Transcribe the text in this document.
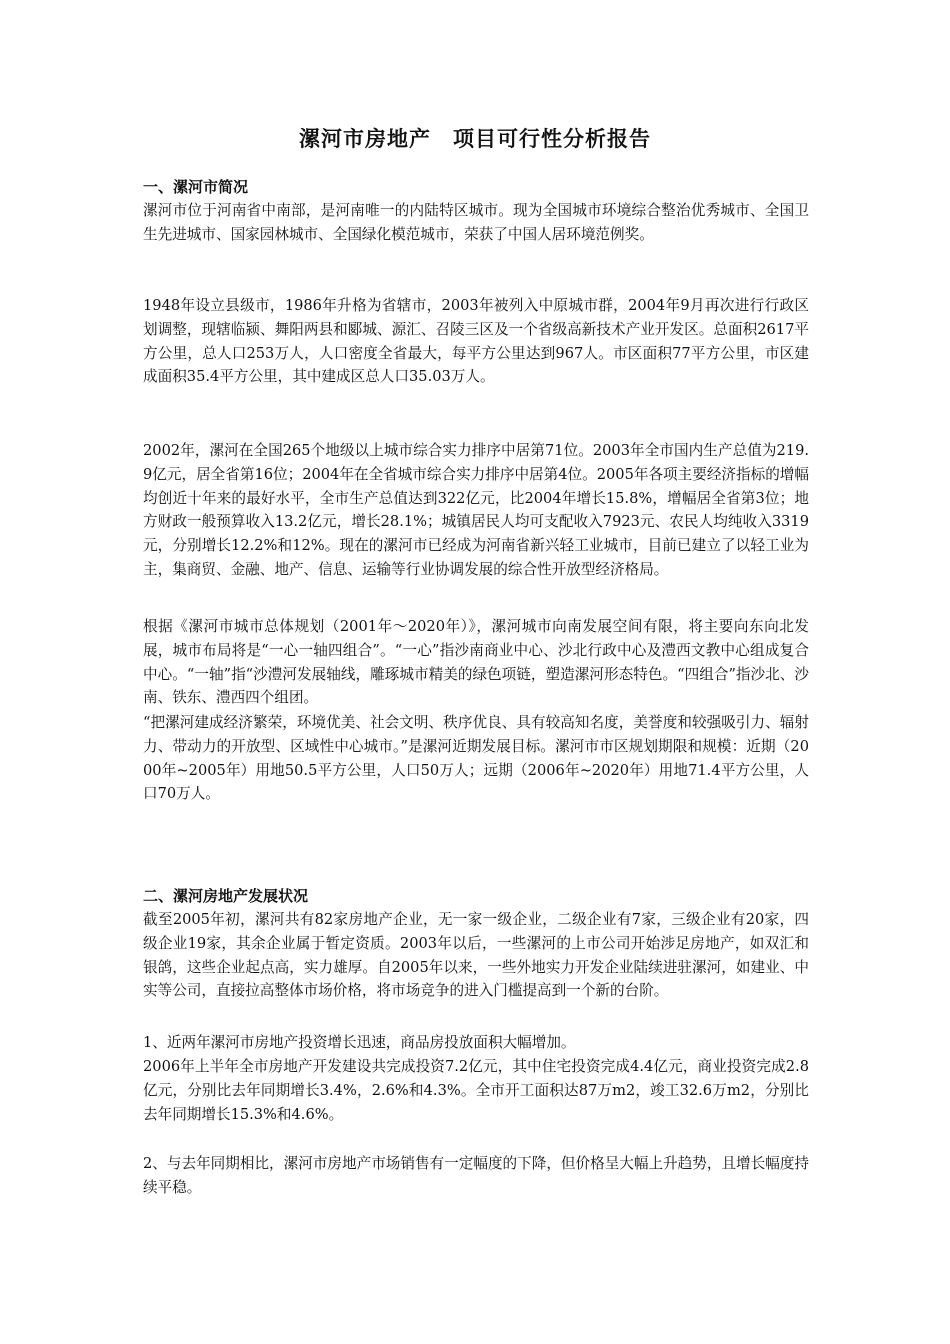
漯河市房地产　项目可行性分析报告
一、漯河市简况

漯河市位于河南省中南部，是河南唯一的内陆特区城市。现为全国城市环境综合整治优秀城市、全国卫生先进城市、国家园林城市、全国绿化模范城市，荣获了中国人居环境范例奖。

1948年设立县级市，1986年升格为省辖市，2003年被列入中原城市群，2004年9月再次进行行政区划调整，现辖临颍、舞阳两县和郾城、源汇、召陵三区及一个省级高新技术产业开发区。总面积2617平方公里，总人口253万人，人口密度全省最大，每平方公里达到967人。市区面积77平方公里，市区建成面积35.4平方公里，其中建成区总人口35.03万人。

2002年，漯河在全国265个地级以上城市综合实力排序中居第71位。2003年全市国内生产总值为219.9亿元，居全省第16位；2004年在全省城市综合实力排序中居第4位。2005年各项主要经济指标的增幅均创近十年来的最好水平，全市生产总值达到322亿元，比2004年增长15.8%，增幅居全省第3位；地方财政一般预算收入13.2亿元，增长28.1%；城镇居民人均可支配收入7923元、农民人均纯收入3319元，分别增长12.2%和12%。现在的漯河市已经成为河南省新兴轻工业城市，目前已建立了以轻工业为主，集商贸、金融、地产、信息、运输等行业协调发展的综合性开放型经济格局。

根据《漯河市城市总体规划（2001年～2020年）》，漯河城市向南发展空间有限，将主要向东向北发展，城市布局将是“一心一轴四组合”。“一心”指沙南商业中心、沙北行政中心及澧西文教中心组成复合中心。“一轴”指“沙澧河发展轴线，雕琢城市精美的绿色项链，塑造漯河形态特色。“四组合”指沙北、沙南、铁东、澧西四个组团。

“把漯河建成经济繁荣，环境优美、社会文明、秩序优良、具有较高知名度，美誉度和较强吸引力、辐射力、带动力的开放型、区域性中心城市。”是漯河近期发展目标。漯河市市区规划期限和规模：近期（2000年~2005年）用地50.5平方公里，人口50万人；远期（2006年~2020年）用地71.4平方公里，人口70万人。

二、漯河房地产发展状况

截至2005年初，漯河共有82家房地产企业，无一家一级企业，二级企业有7家，三级企业有20家，四级企业19家，其余企业属于暂定资质。2003年以后，一些漯河的上市公司开始涉足房地产，如双汇和银鸽，这些企业起点高，实力雄厚。自2005年以来，一些外地实力开发企业陆续进驻漯河，如建业、中实等公司，直接拉高整体市场价格，将市场竞争的进入门槛提高到一个新的台阶。

1、近两年漯河市房地产投资增长迅速，商品房投放面积大幅增加。

2006年上半年全市房地产开发建设共完成投资7.2亿元，其中住宅投资完成4.4亿元，商业投资完成2.8亿元，分别比去年同期增长3.4%，2.6%和4.3%。全市开工面积达87万m2，竣工32.6万m2，分别比去年同期增长15.3%和4.6%。

2、与去年同期相比，漯河市房地产市场销售有一定幅度的下降，但价格呈大幅上升趋势，且增长幅度持续平稳。
